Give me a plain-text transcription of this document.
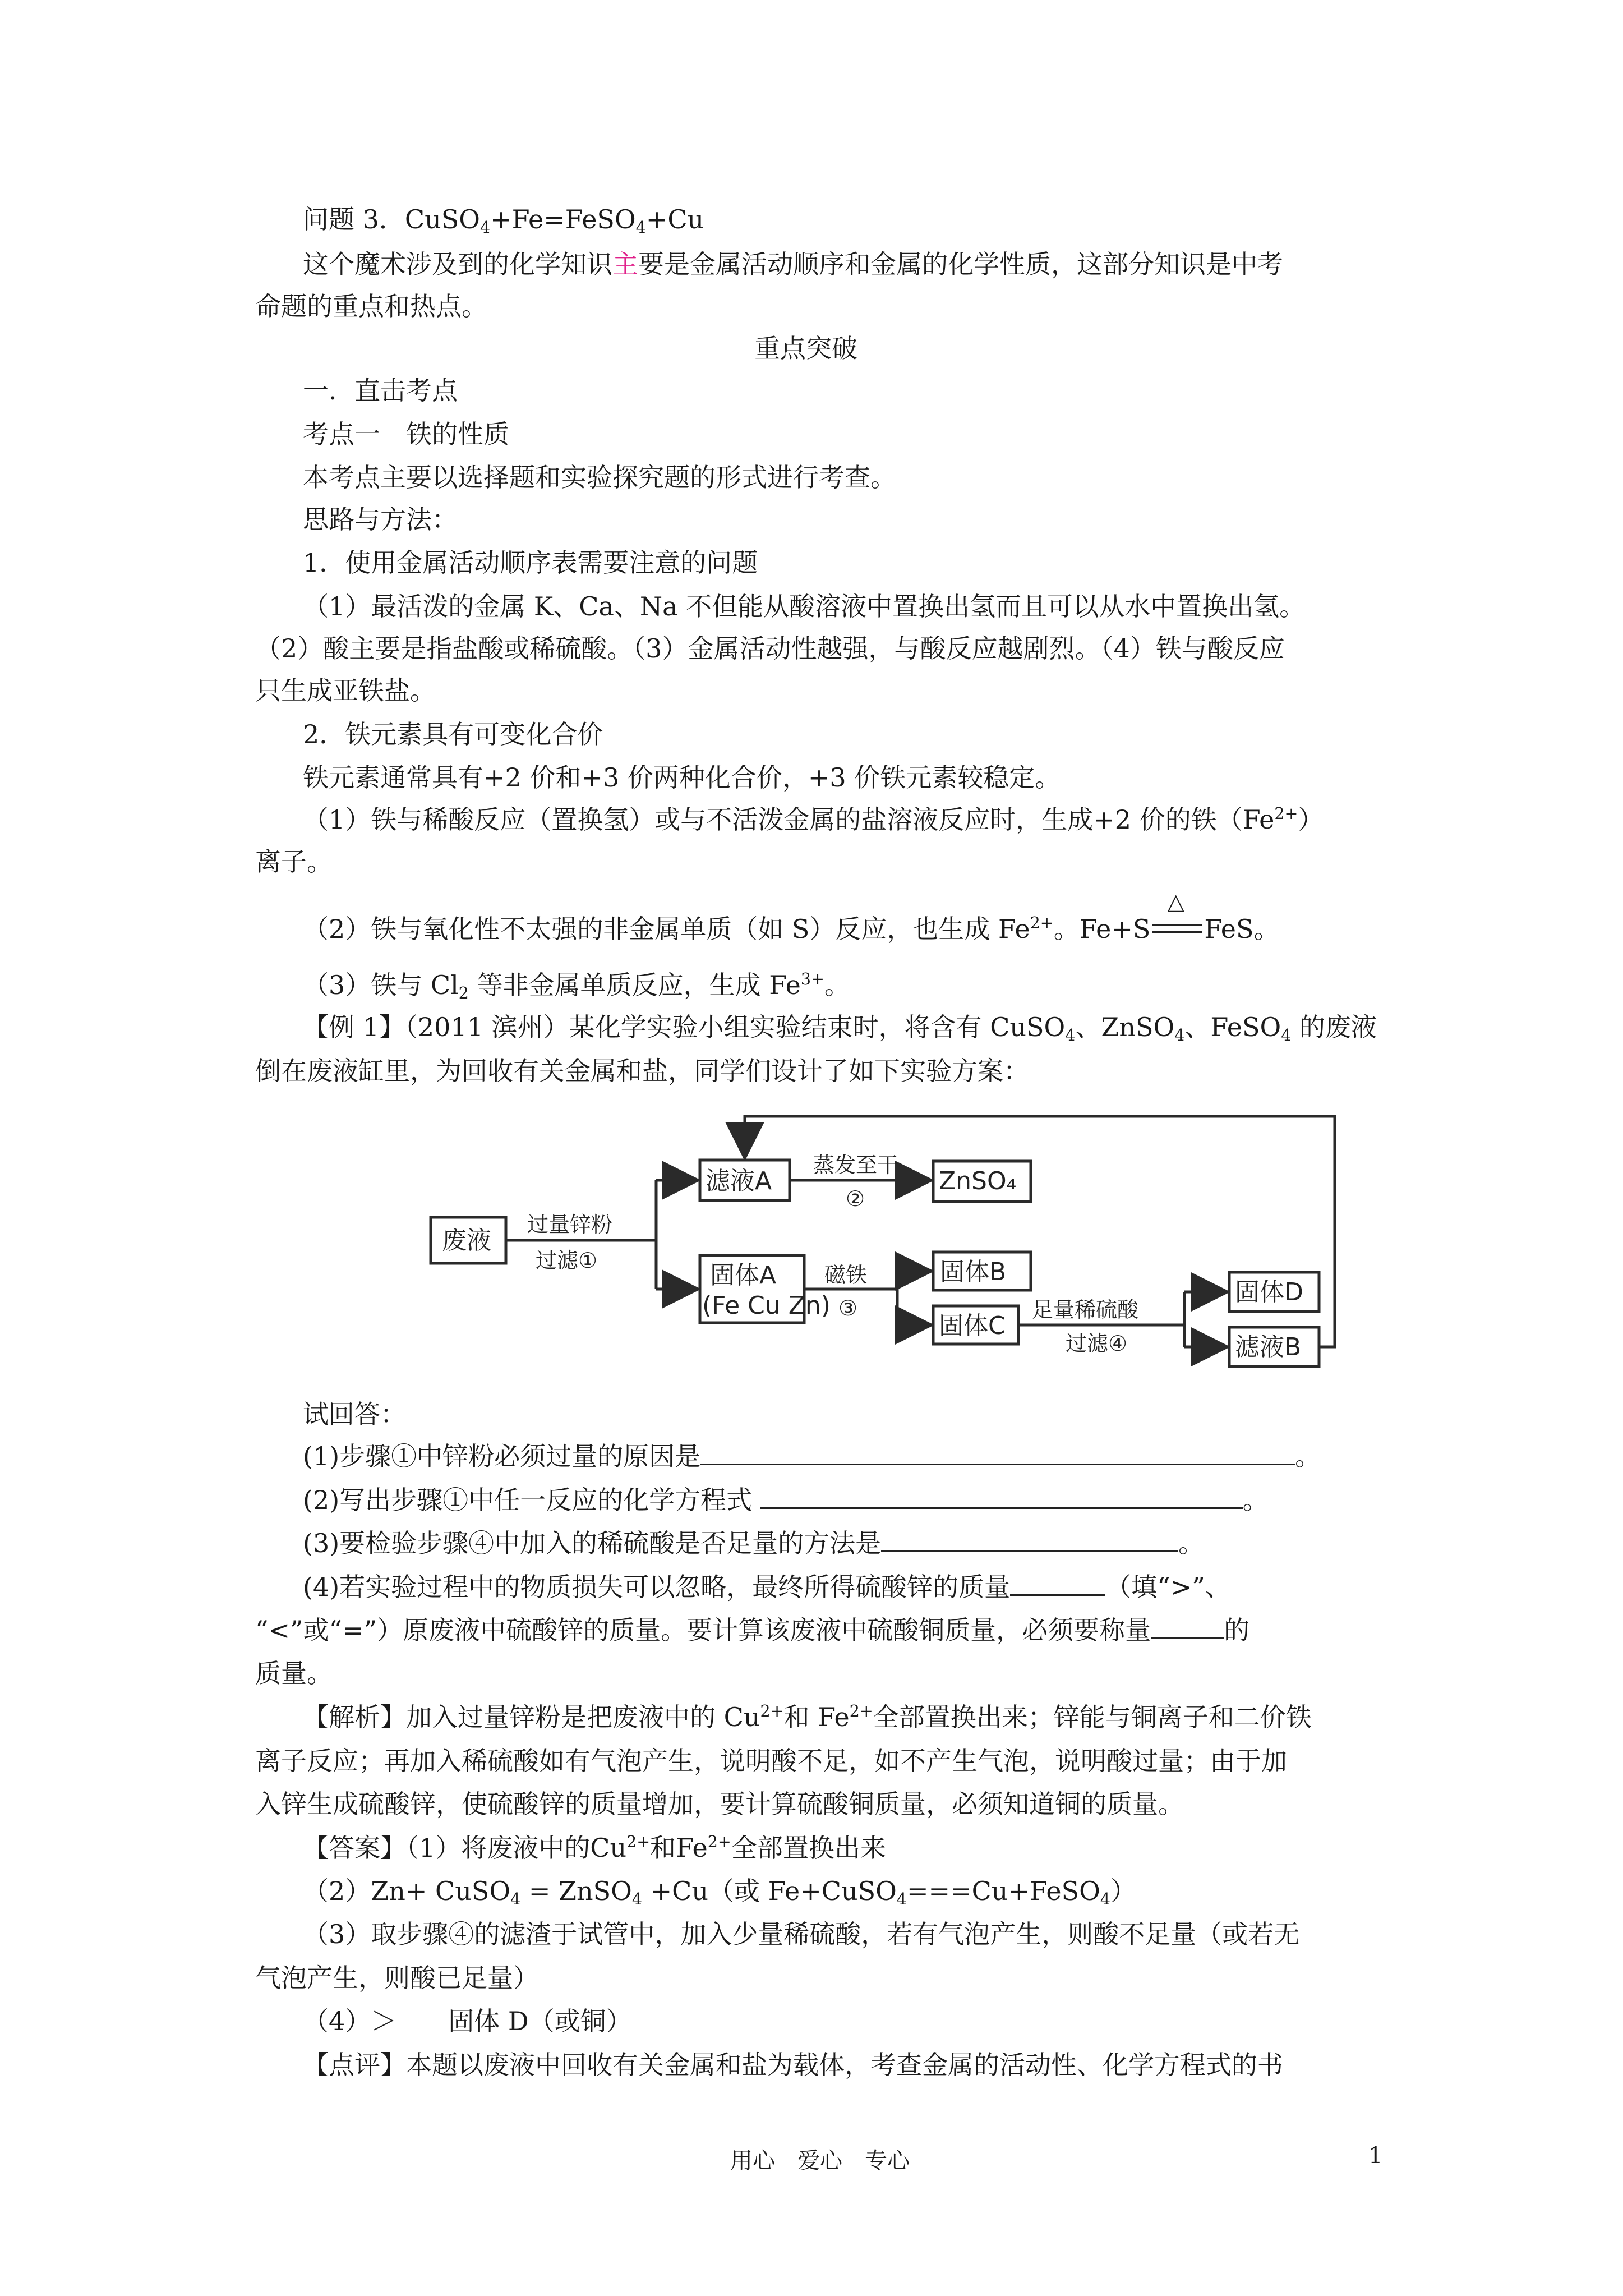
问题 3．CuSO$_4$+Fe=FeSO$_4$+Cu
这个魔术涉及到的化学知识主要是金属活动顺序和金属的化学性质，这部分知识是中考
命题的重点和热点。
重点突破
一．直击考点
考点一　铁的性质
本考点主要以选择题和实验探究题的形式进行考查。
思路与方法：
1．使用金属活动顺序表需要注意的问题
（1）最活泼的金属 K、Ca、Na 不但能从酸溶液中置换出氢而且可以从水中置换出氢。
（2）酸主要是指盐酸或稀硫酸。（3）金属活动性越强，与酸反应越剧烈。（4）铁与酸反应
只生成亚铁盐。
2．铁元素具有可变化合价
铁元素通常具有+2 价和+3 价两种化合价，+3 价铁元素较稳定。
（1）铁与稀酸反应（置换氢）或与不活泼金属的盐溶液反应时，生成+2 价的铁$(Fe^{2+})$
离子。
（2）铁与氧化性不太强的非金属单质（如 S）反应，也生成 $Fe^{2+}$。Fe+S
△
FeS。
（3）铁与 $Cl_2$ 等非金属单质反应，生成 $Fe^{3+}$。
【例 1】（2011 滨州）某化学实验小组实验结束时，将含有 CuSO$_4$、ZnSO$_4$、FeSO$_4$ 的废液
倒在废液缸里，为回收有关金属和盐，同学们设计了如下实验方案：
废液
滤液A	ZnSO₄
固体A
(Fe Cu Zn)
固体B
固体C
固体D
滤液B
过量锌粉
过滤①
蒸发至干
②
磁铁
③	足量稀硫酸
过滤④
试回答：
(1)步骤①中锌粉必须过量的原因是	。
(2)写出步骤①中任一反应的化学方程式	。
(3)要检验步骤④中加入的稀硫酸是否足量的方法是	。
(4)若实验过程中的物质损失可以忽略，最终所得硫酸锌的质量	（填“>”、
“<”或“=”）原废液中硫酸锌的质量。要计算该废液中硫酸铜质量，必须要称量	的
质量。
【解析】加入过量锌粉是把废液中的 $Cu^{2+}$和 $Fe^{2+}$全部置换出来；锌能与铜离子和二价铁
离子反应；再加入稀硫酸如有气泡产生，说明酸不足，如不产生气泡，说明酸过量；由于加
入锌生成硫酸锌，使硫酸锌的质量增加，要计算硫酸铜质量，必须知道铜的质量。
【答案】（1）将废液中的$Cu^{2+}$和$Fe^{2+}$全部置换出来
（2）Zn+ CuSO$_4$ = ZnSO$_4$ +Cu（或 Fe+CuSO$_4$===Cu+FeSO$_4$）
（3）取步骤④的滤渣于试管中，加入少量稀硫酸，若有气泡产生，则酸不足量（或若无
气泡产生，则酸已足量）
（4）＞　　固体 D（或铜）
【点评】本题以废液中回收有关金属和盐为载体，考查金属的活动性、化学方程式的书
用心　爱心　专心	1
